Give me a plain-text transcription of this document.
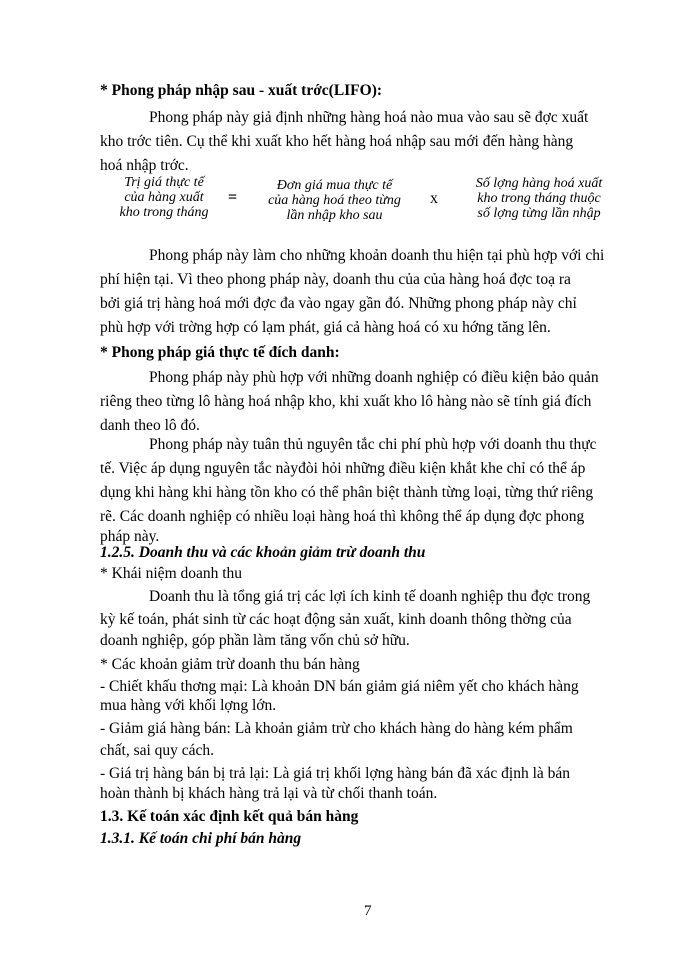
* Phong pháp nhập sau - xuất trớc(LIFO):
Phong pháp này giả định những hàng hoá nào mua vào sau sẽ đợc xuất
kho trớc tiên. Cụ thể khi xuất kho hết hàng hoá nhập sau mới đến hàng hàng
hoá nhập trớc.
Trị giá thực tế
của hàng xuất
kho trong tháng
=
Đơn giá mua thực tế
của hàng hoá theo từng
lần nhập kho sau
x
Số lợng hàng hoá xuất
kho trong tháng thuộc
số lợng từng lần nhập
Phong pháp này làm cho những khoản doanh thu hiện tại phù hợp với chi
phí hiện tại. Vì theo phong pháp này, doanh thu của của hàng hoá đợc toạ ra
bởi giá trị hàng hoá mới đợc đa vào ngay gần đó. Những phong pháp này chỉ
phù hợp với trờng hợp có lạm phát, giá cả hàng hoá có xu hớng tăng lên.
* Phong pháp giá thực tế đích danh:
Phong pháp này phù hợp với những doanh nghiệp có điều kiện bảo quản
riêng theo từng lô hàng hoá nhập kho, khi xuất kho lô hàng nào sẽ tính giá đích
danh theo lô đó.
Phong pháp này tuân thủ nguyên tắc chi phí phù hợp với doanh thu thực
tế. Việc áp dụng nguyên tắc nàyđòi hỏi những điều kiện khắt khe chỉ có thể áp
dụng khi hàng khi hàng tồn kho có thể phân biệt thành từng loại, từng thứ riêng
rẽ. Các doanh nghiệp có nhiều loại hàng hoá thì không thể áp dụng đợc phong
pháp này.
1.2.5. Doanh thu và các khoản giảm trừ doanh thu
* Khái niệm doanh thu
Doanh thu là tổng giá trị các lợi ích kinh tế doanh nghiệp thu đợc trong
kỳ kế toán, phát sinh từ các hoạt động sản xuất, kinh doanh thông thờng của
doanh nghiệp, góp phần làm tăng vốn chủ sở hữu.
* Các khoản giảm trừ doanh thu bán hàng
- Chiết khấu thơng mại: Là khoản DN bán giảm giá niêm yết cho khách hàng
mua hàng với khối lợng lớn.
- Giảm giá hàng bán: Là khoản giảm trừ cho khách hàng do hàng kém phẩm
chất, sai quy cách.
- Giá trị hàng bán bị trả lại: Là giá trị khối lợng hàng bán đã xác định là bán
hoàn thành bị khách hàng trả lại và từ chối thanh toán.
1.3. Kế toán xác định kết quả bán hàng
1.3.1. Kế toán chi phí bán hàng
7
